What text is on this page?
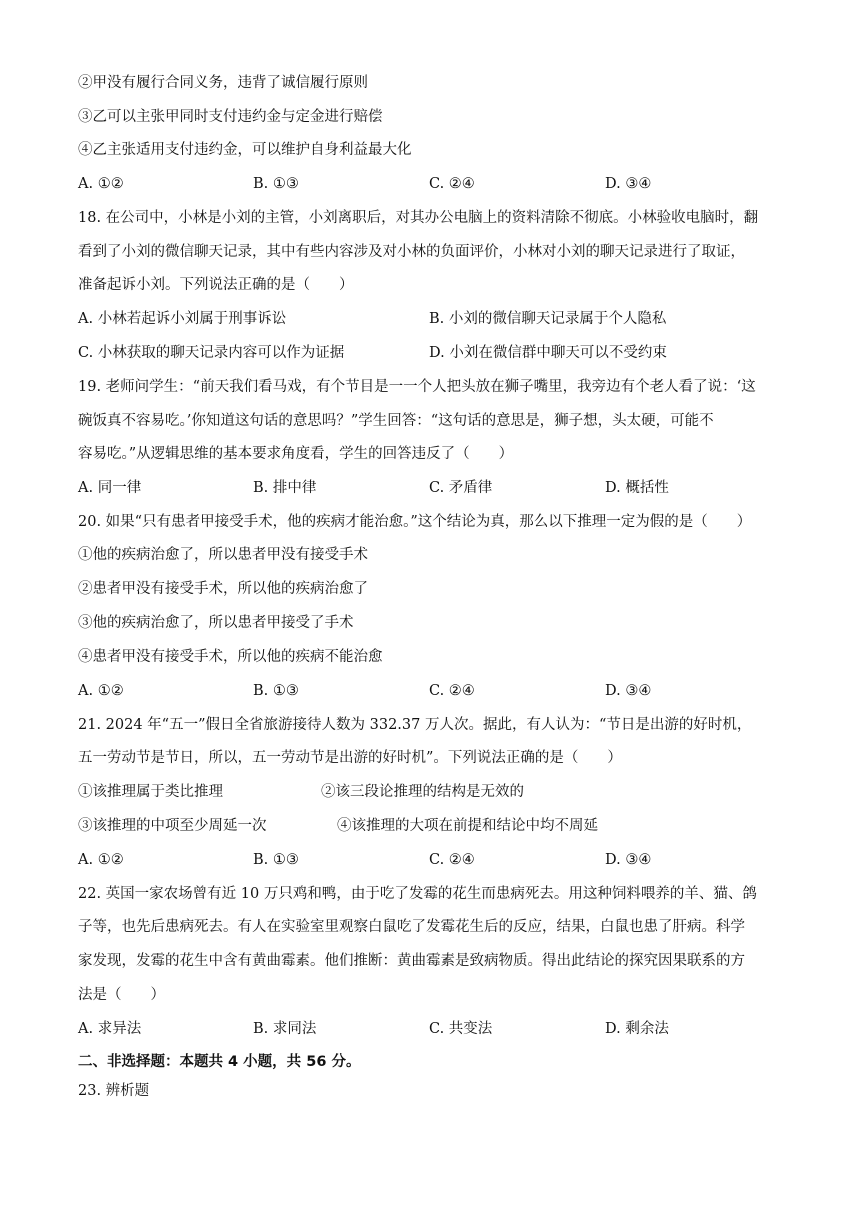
②甲没有履行合同义务，违背了诚信履行原则
③乙可以主张甲同时支付违约金与定金进行赔偿
④乙主张适用支付违约金，可以维护自身利益最大化
A. ①②	B. ①③	C. ②④	D. ③④
18. 在公司中，小林是小刘的主管，小刘离职后，对其办公电脑上的资料清除不彻底。小林验收电脑时，翻
看到了小刘的微信聊天记录，其中有些内容涉及对小林的负面评价，小林对小刘的聊天记录进行了取证，
准备起诉小刘。下列说法正确的是（　　）
A. 小林若起诉小刘属于刑事诉讼	B. 小刘的微信聊天记录属于个人隐私
C. 小林获取的聊天记录内容可以作为证据	D. 小刘在微信群中聊天可以不受约束
19. 老师问学生：“前天我们看马戏，有个节目是一一个人把头放在狮子嘴里，我旁边有个老人看了说：‘这
碗饭真不容易吃。’你知道这句话的意思吗？”学生回答：“这句话的意思是，狮子想，头太硬，可能不
容易吃。”从逻辑思维的基本要求角度看，学生的回答违反了（　　）
A. 同一律	B. 排中律	C. 矛盾律	D. 概括性
20. 如果“只有患者甲接受手术，他的疾病才能治愈。”这个结论为真，那么以下推理一定为假的是（　　）
①他的疾病治愈了，所以患者甲没有接受手术
②患者甲没有接受手术，所以他的疾病治愈了
③他的疾病治愈了，所以患者甲接受了手术
④患者甲没有接受手术，所以他的疾病不能治愈
A. ①②	B. ①③	C. ②④	D. ③④
21. 2024 年“五一”假日全省旅游接待人数为 332.37 万人次。据此，有人认为：“节日是出游的好时机，
五一劳动节是节日，所以，五一劳动节是出游的好时机”。下列说法正确的是（　　）
①该推理属于类比推理	②该三段论推理的结构是无效的
③该推理的中项至少周延一次	④该推理的大项在前提和结论中均不周延
A. ①②	B. ①③	C. ②④	D. ③④
22. 英国一家农场曾有近 10 万只鸡和鸭，由于吃了发霉的花生而患病死去。用这种饲料喂养的羊、猫、鸽
子等，也先后患病死去。有人在实验室里观察白鼠吃了发霉花生后的反应，结果，白鼠也患了肝病。科学
家发现，发霉的花生中含有黄曲霉素。他们推断：黄曲霉素是致病物质。得出此结论的探究因果联系的方
法是（　　）
A. 求异法	B. 求同法	C. 共变法	D. 剩余法
二、非选择题：本题共 4 小题，共 56 分。
23. 辨析题
